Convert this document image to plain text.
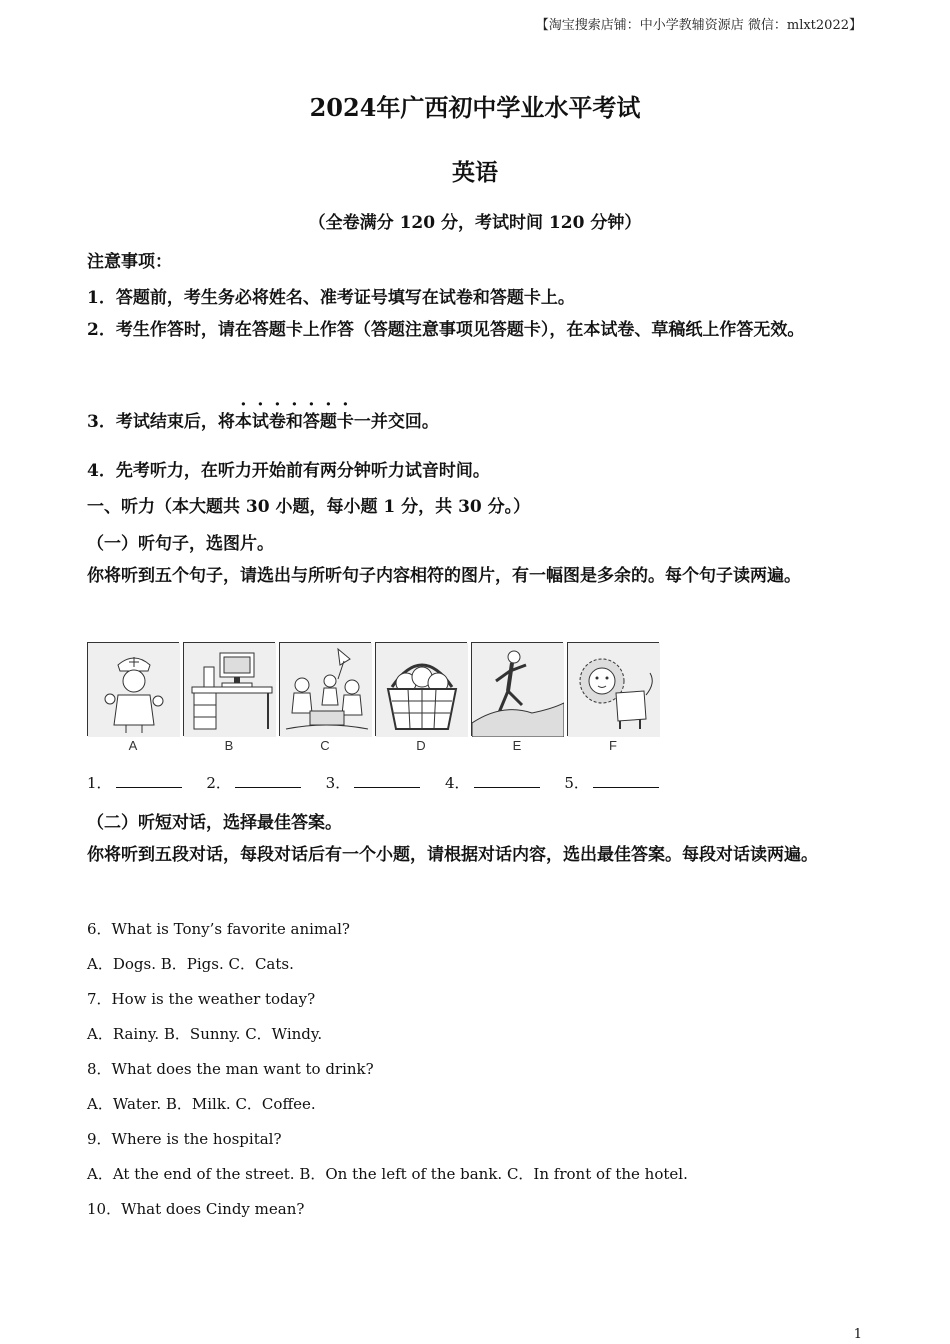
【淘宝搜索店铺：中小学教辅资源店 微信：mlxt2022】
2024年广西初中学业水平考试
英语
（全卷满分 120 分，考试时间 120 分钟）
注意事项：
1．答题前，考生务必将姓名、准考证号填写在试卷和答题卡上。
2．考生作答时，请在答题卡上作答（答题注意事项见答题卡），在本试卷、草稿纸上作答无效。
3．考试结束后，将本试卷和答题卡一并交回。
4．先考听力，在听力开始前有两分钟听力试音时间。
一、听力（本大题共 30 小题，每小题 1 分，共 30 分。）
（一）听句子，选图片。
你将听到五个句子，请选出与所听句子内容相符的图片，有一幅图是多余的。每个句子读两遍。
A	B	C	D	E	F
1．	2．	3．	4．	5．
（二）听短对话，选择最佳答案。
你将听到五段对话，每段对话后有一个小题，请根据对话内容，选出最佳答案。每段对话读两遍。
6．What is Tony’s favorite animal?
A．Dogs. B．Pigs. C．Cats.
7．How is the weather today?
A．Rainy. B．Sunny. C．Windy.
8．What does the man want to drink?
A．Water. B．Milk. C．Coffee.
9．Where is the hospital?
A．At the end of the street. B．On the left of the bank. C．In front of the hotel.
10．What does Cindy mean?
1
